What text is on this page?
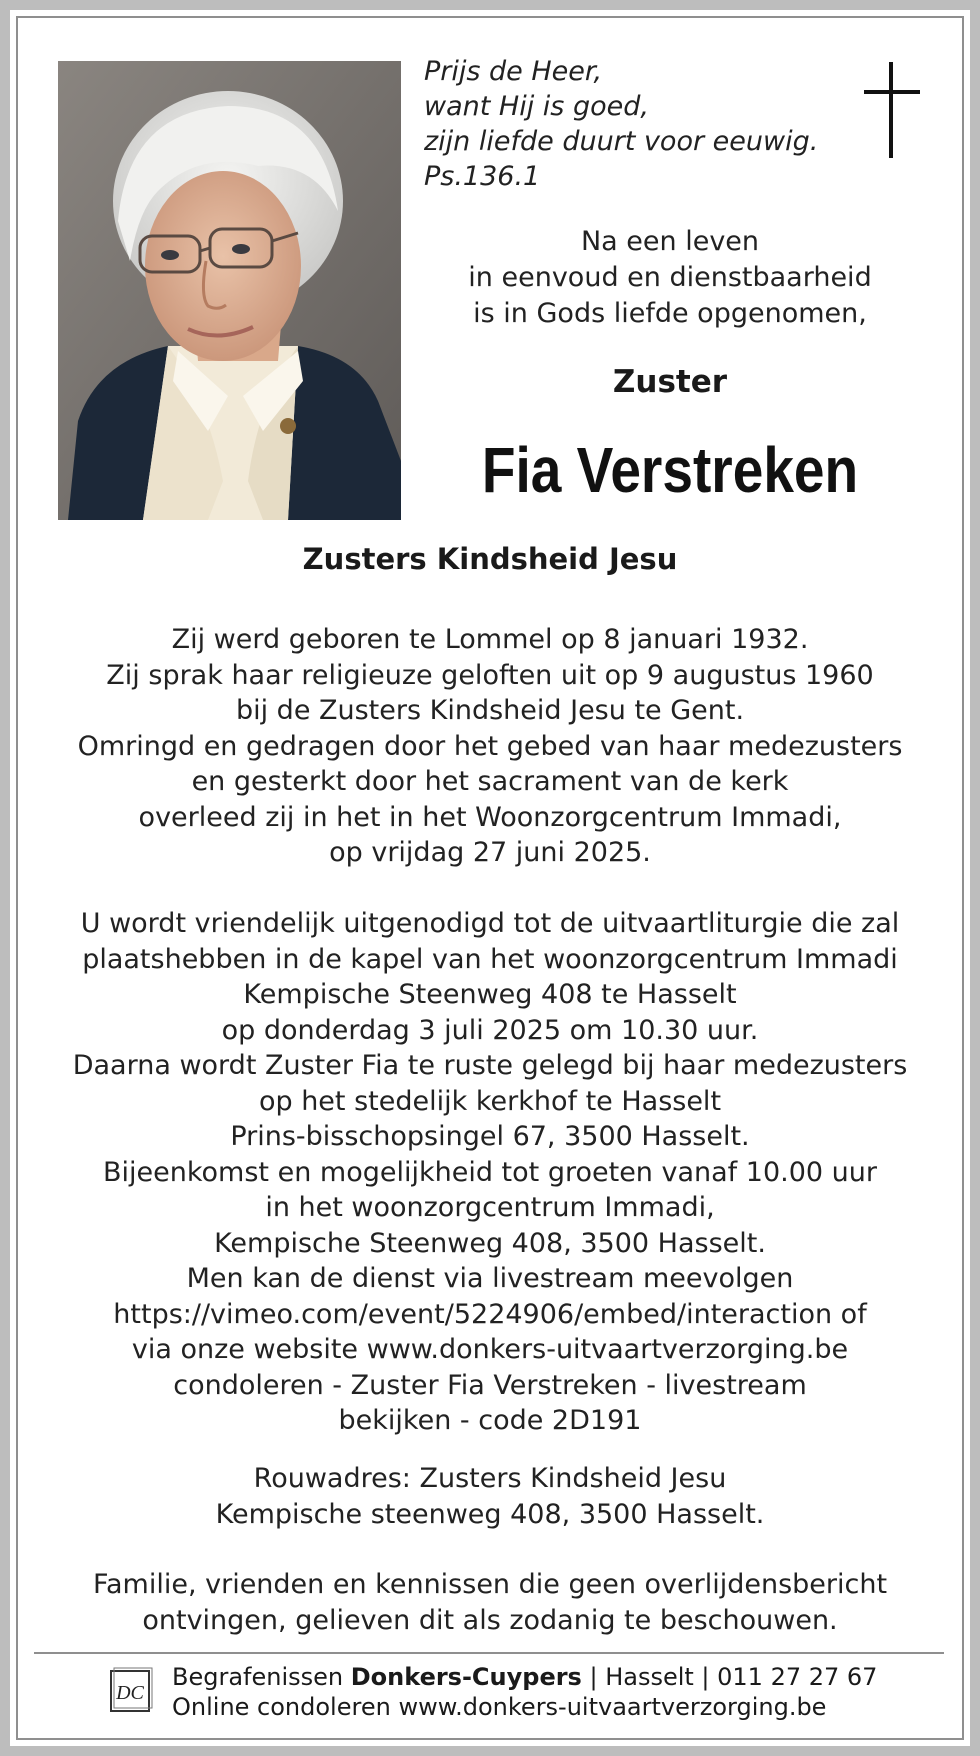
Prijs de Heer,
want Hij is goed,
zijn liefde duurt voor eeuwig.
Ps.136.1
Na een leven
in eenvoud en dienstbaarheid
is in Gods liefde opgenomen,
Zuster
Fia Verstreken
Zusters Kindsheid Jesu
Zij werd geboren te Lommel op 8 januari 1932.
Zij sprak haar religieuze geloften uit op 9 augustus 1960
bij de Zusters Kindsheid Jesu te Gent.
Omringd en gedragen door het gebed van haar medezusters
en gesterkt door het sacrament van de kerk
overleed zij in het in het Woonzorgcentrum Immadi,
op vrijdag 27 juni 2025.
U wordt vriendelijk uitgenodigd tot de uitvaartliturgie die zal
plaatshebben in de kapel van het woonzorgcentrum Immadi
Kempische Steenweg 408 te Hasselt
op donderdag 3 juli 2025 om 10.30 uur.
Daarna wordt Zuster Fia te ruste gelegd bij haar medezusters
op het stedelijk kerkhof te Hasselt
Prins-bisschopsingel 67, 3500 Hasselt.
Bijeenkomst en mogelijkheid tot groeten vanaf 10.00 uur
in het woonzorgcentrum Immadi,
Kempische Steenweg 408, 3500 Hasselt.
Men kan de dienst via livestream meevolgen
https://vimeo.com/event/5224906/embed/interaction of
via onze website www.donkers-uitvaartverzorging.be
condoleren - Zuster Fia Verstreken - livestream
bekijken - code 2D191
Rouwadres: Zusters Kindsheid Jesu
Kempische steenweg 408, 3500 Hasselt.
Familie, vrienden en kennissen die geen overlijdensbericht
ontvingen, gelieven dit als zodanig te beschouwen.
DC
Begrafenissen Donkers-Cuypers | Hasselt | 011 27 27 67
Online condoleren www.donkers-uitvaartverzorging.be
